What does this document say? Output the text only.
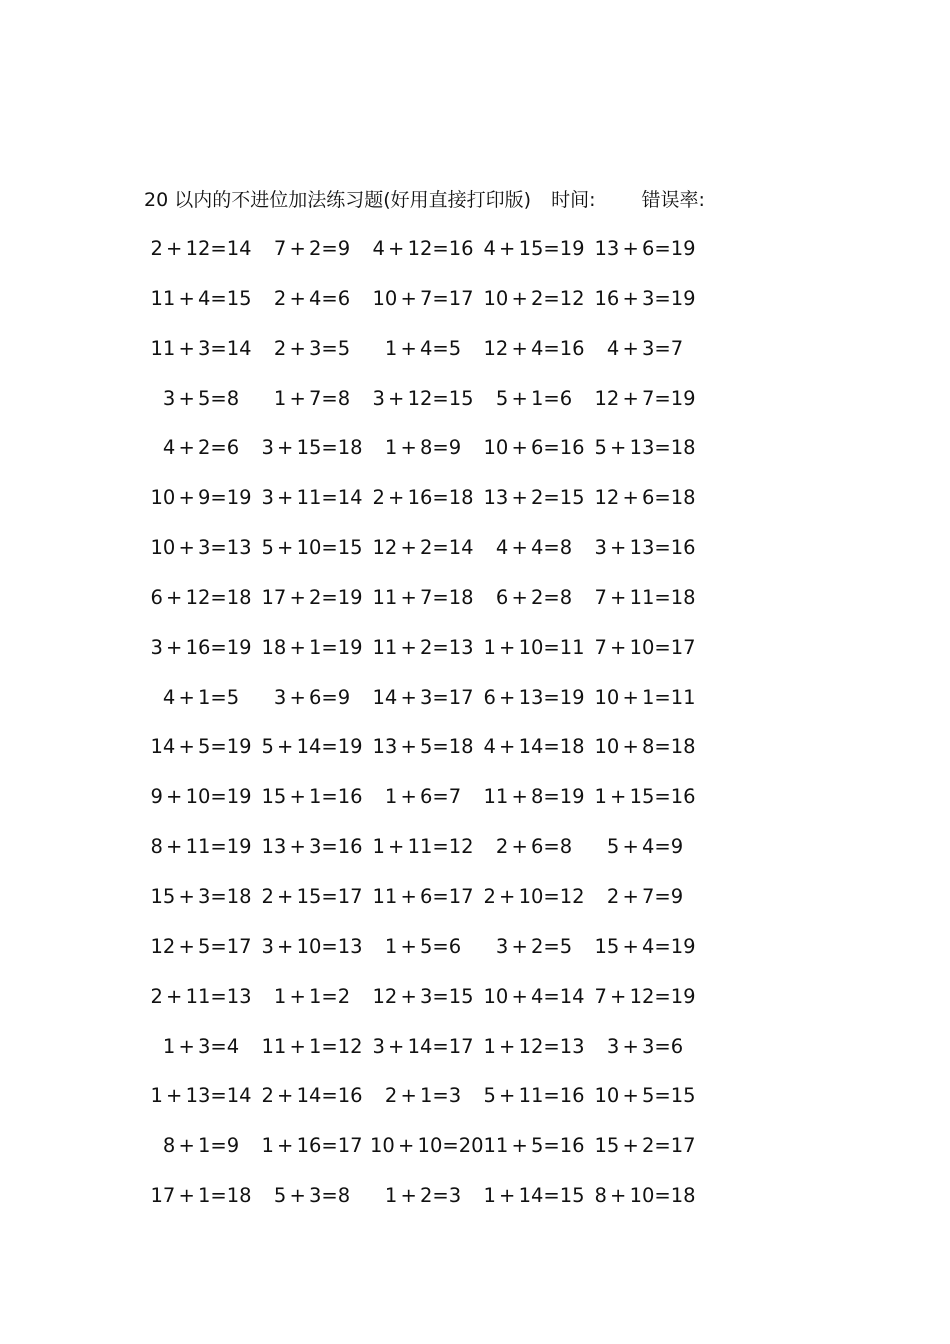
20 以内的不进位加法练习题(好用直接打印版) 时间: 错误率:
2 + 12=14	7 + 2=9	4 + 12=16 4 + 15=19 13 + 6=19
11 + 4=15	2 + 4=6	10 + 7=17 10 + 2=12 16 + 3=19
11 + 3=14	2 + 3=5	1 + 4=5	12 + 4=16	4 + 3=7
3 + 5=8	1 + 7=8	3 + 12=15	5 + 1=6	12 + 7=19
4 + 2=6	3 + 15=18	1 + 8=9	10 + 6=16 5 + 13=18
10 + 9=19 3 + 11=14 2 + 16=18 13 + 2=15 12 + 6=18
10 + 3=13 5 + 10=15 12 + 2=14	4 + 4=8	3 + 13=16
6 + 12=18 17 + 2=19 11 + 7=18	6 + 2=8	7 + 11=18
3 + 16=19 18 + 1=19 11 + 2=13 1 + 10=11 7 + 10=17
4 + 1=5	3 + 6=9	14 + 3=17 6 + 13=19 10 + 1=11
14 + 5=19 5 + 14=19 13 + 5=18 4 + 14=18 10 + 8=18
9 + 10=19 15 + 1=16	1 + 6=7	11 + 8=19 1 + 15=16
8 + 11=19 13 + 3=16 1 + 11=12	2 + 6=8	5 + 4=9
15 + 3=18 2 + 15=17 11 + 6=17 2 + 10=12	2 + 7=9
12 + 5=17 3 + 10=13	1 + 5=6	3 + 2=5	15 + 4=19
2 + 11=13	1 + 1=2	12 + 3=15 10 + 4=14 7 + 12=19
1 + 3=4	11 + 1=12 3 + 14=17 1 + 12=13	3 + 3=6
1 + 13=14 2 + 14=16	2 + 1=3	5 + 11=16 10 + 5=15
8 + 1=9	1 + 16=17 10 + 10=20 11 + 5=16 15 + 2=17
17 + 1=18	5 + 3=8	1 + 2=3	1 + 14=15 8 + 10=18
